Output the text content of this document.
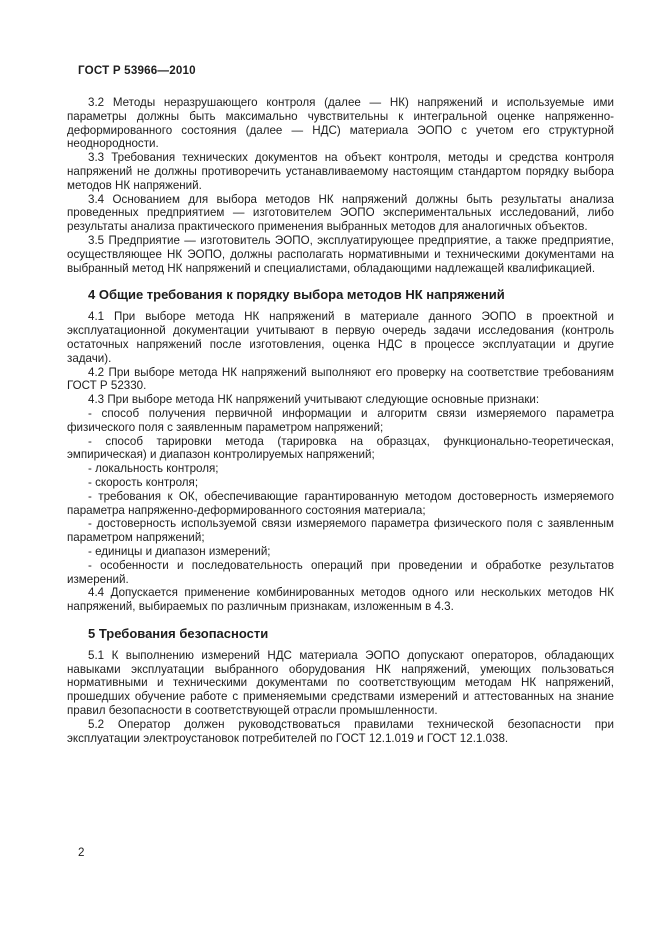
ГОСТ Р 53966—2010

3.2 Методы неразрушающего контроля (далее — НК) напряжений и используемые ими параметры должны быть максимально чувствительны к интегральной оценке напряженно-деформированного состояния (далее — НДС) материала ЭОПО с учетом его структурной неоднородности.

3.3 Требования технических документов на объект контроля, методы и средства контроля напряжений не должны противоречить устанавливаемому настоящим стандартом порядку выбора методов НК напряжений.

3.4 Основанием для выбора методов НК напряжений должны быть результаты анализа проведенных предприятием — изготовителем ЭОПО экспериментальных исследований, либо результаты анализа практического применения выбранных методов для аналогичных объектов.

3.5 Предприятие — изготовитель ЭОПО, эксплуатирующее предприятие, а также предприятие, осуществляющее НК ЭОПО, должны располагать нормативными и техническими документами на выбранный метод НК напряжений и специалистами, обладающими надлежащей квалификацией.

4 Общие требования к порядку выбора методов НК напряжений

4.1 При выборе метода НК напряжений в материале данного ЭОПО в проектной и эксплуатационной документации учитывают в первую очередь задачи исследования (контроль остаточных напряжений после изготовления, оценка НДС в процессе эксплуатации и другие задачи).

4.2 При выборе метода НК напряжений выполняют его проверку на соответствие требованиям ГОСТ Р 52330.

4.3 При выборе метода НК напряжений учитывают следующие основные признаки:

- способ получения первичной информации и алгоритм связи измеряемого параметра физического поля с заявленным параметром напряжений;

- способ тарировки метода (тарировка на образцах, функционально-теоретическая, эмпирическая) и диапазон контролируемых напряжений;

- локальность контроля;

- скорость контроля;

- требования к ОК, обеспечивающие гарантированную методом достоверность измеряемого параметра напряженно-деформированного состояния материала;

- достоверность используемой связи измеряемого параметра физического поля с заявленным параметром напряжений;

- единицы и диапазон измерений;

- особенности и последовательность операций при проведении и обработке результатов измерений.

4.4 Допускается применение комбинированных методов одного или нескольких методов НК напряжений, выбираемых по различным признакам, изложенным в 4.3.

5 Требования безопасности

5.1 К выполнению измерений НДС материала ЭОПО допускают операторов, обладающих навыками эксплуатации выбранного оборудования НК напряжений, умеющих пользоваться нормативными и техническими документами по соответствующим методам НК напряжений, прошедших обучение работе с применяемыми средствами измерений и аттестованных на знание правил безопасности в соответствующей отрасли промышленности.

5.2 Оператор должен руководствоваться правилами технической безопасности при эксплуатации электроустановок потребителей по ГОСТ 12.1.019 и ГОСТ 12.1.038.

2
